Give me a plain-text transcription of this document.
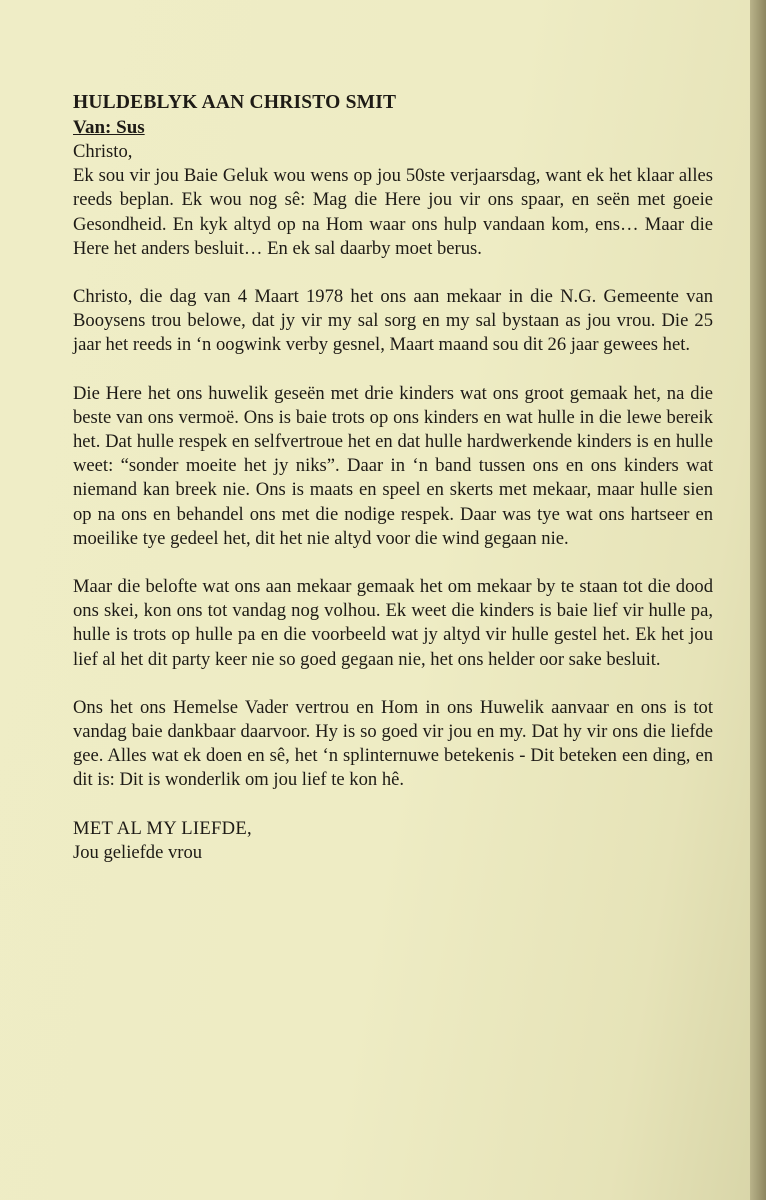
HULDEBLYK AAN CHRISTO SMIT

Van: Sus

Christo,

Ek sou vir jou Baie Geluk wou wens op jou 50ste verjaarsdag, want ek het klaar alles reeds beplan. Ek wou nog sê: Mag die Here jou vir ons spaar, en seën met goeie Gesondheid. En kyk altyd op na Hom waar ons hulp vandaan kom, ens… Maar die Here het anders besluit… En ek sal daarby moet berus.

Christo, die dag van 4 Maart 1978 het ons aan mekaar in die N.G. Gemeente van Booysens trou belowe, dat jy vir my sal sorg en my sal bystaan as jou vrou. Die 25 jaar het reeds in ‘n oogwink verby gesnel, Maart maand sou dit 26 jaar gewees het.

Die Here het ons huwelik geseën met drie kinders wat ons groot gemaak het, na die beste van ons vermoë. Ons is baie trots op ons kinders en wat hulle in die lewe bereik het. Dat hulle respek en selfvertroue het en dat hulle hardwerkende kinders is en hulle weet: “sonder moeite het jy niks”. Daar in ‘n band tussen ons en ons kinders wat niemand kan breek nie. Ons is maats en speel en skerts met mekaar, maar hulle sien op na ons en behandel ons met die nodige respek. Daar was tye wat ons hartseer en moeilike tye gedeel het, dit het nie altyd voor die wind gegaan nie.

Maar die belofte wat ons aan mekaar gemaak het om mekaar by te staan tot die dood ons skei, kon ons tot vandag nog volhou. Ek weet die kinders is baie lief vir hulle pa, hulle is trots op hulle pa en die voorbeeld wat jy altyd vir hulle gestel het. Ek het jou lief al het dit party keer nie so goed gegaan nie, het ons helder oor sake besluit.

Ons het ons Hemelse Vader vertrou en Hom in ons Huwelik aanvaar en ons is tot vandag baie dankbaar daarvoor. Hy is so goed vir jou en my. Dat hy vir ons die liefde gee. Alles wat ek doen en sê, het ‘n splinternuwe betekenis - Dit beteken een ding, en dit is: Dit is wonderlik om jou lief te kon hê.

MET AL MY LIEFDE,

Jou geliefde vrou
